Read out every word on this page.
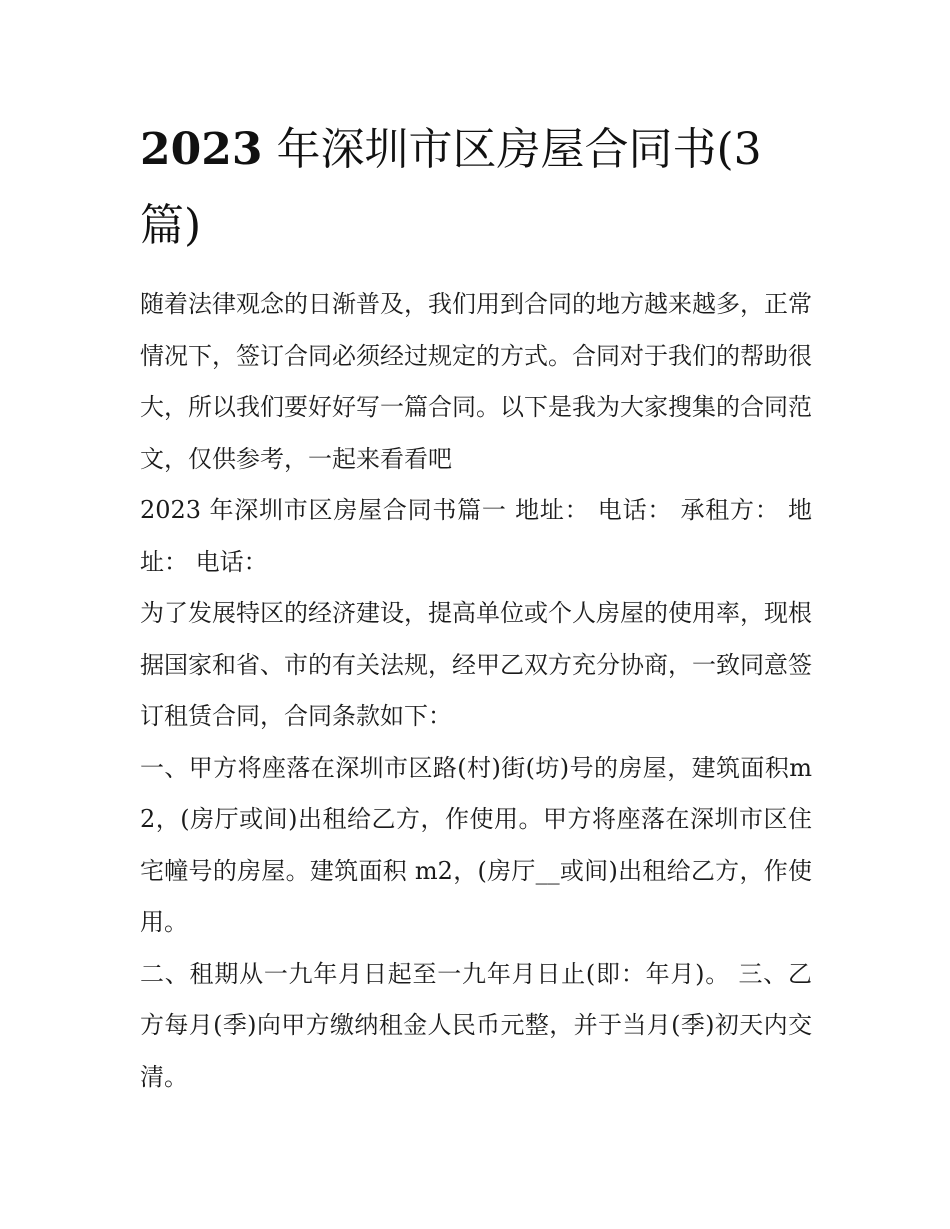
2023 年深圳市区房屋合同书(3篇)

随着法律观念的日渐普及，我们用到合同的地方越来越多，正常情况下，签订合同必须经过规定的方式。合同对于我们的帮助很大，所以我们要好好写一篇合同。以下是我为大家搜集的合同范文，仅供参考，一起来看看吧

2023 年深圳市区房屋合同书篇一 地址： 电话： 承租方： 地址： 电话：

为了发展特区的经济建设，提高单位或个人房屋的使用率，现根据国家和省、市的有关法规，经甲乙双方充分协商，一致同意签订租赁合同，合同条款如下：

一、甲方将座落在深圳市区路(村)街(坊)号的房屋，建筑面积m2，(房厅或间)出租给乙方，作使用。甲方将座落在深圳市区住宅幢号的房屋。建筑面积 m2，(房厅__或间)出租给乙方，作使用。

二、租期从一九年月日起至一九年月日止(即：年月)。 三、乙方每月(季)向甲方缴纳租金人民币元整，并于当月(季)初天内交清。
